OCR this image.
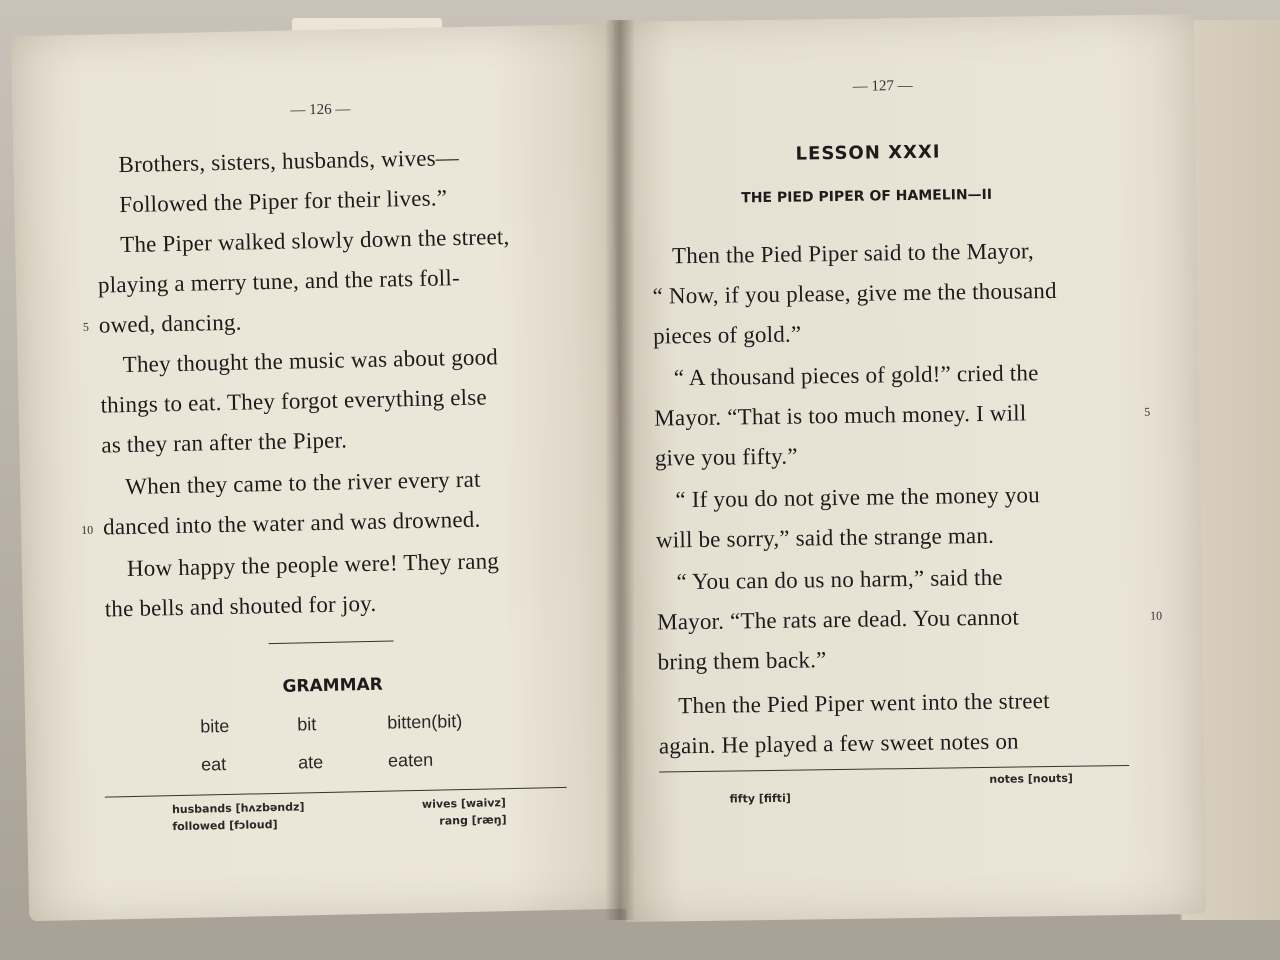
— 126 —
Brothers, sisters, husbands, wives—
Followed the Piper for their lives.”
The Piper walked slowly down the street,
playing a merry tune, and the rats foll-
5 owed, dancing.
They thought the music was about good
things to eat. They forgot everything else
as they ran after the Piper.
When they came to the river every rat
10 danced into the water and was drowned.
How happy the people were! They rang
the bells and shouted for joy.
GRAMMAR
bite	bit	bitten(bit)
eat	ate	eaten
husbands [hʌzbəndz]
followed [fɔloud]
wives [waivz]
rang [ræŋ]
— 127 —
LESSON XXXI
THE PIED PIPER OF HAMELIN—II
Then the Pied Piper said to the Mayor,
“ Now, if you please, give me the thousand
pieces of gold.”
“ A thousand pieces of gold!” cried the
Mayor. “That is too much money. I will	5
give you fifty.”
“ If you do not give me the money you
will be sorry,” said the strange man.
“ You can do us no harm,” said the
Mayor. “The rats are dead. You cannot	10
bring them back.”
Then the Pied Piper went into the street
again. He played a few sweet notes on
fifty [fifti]
notes [nouts]
